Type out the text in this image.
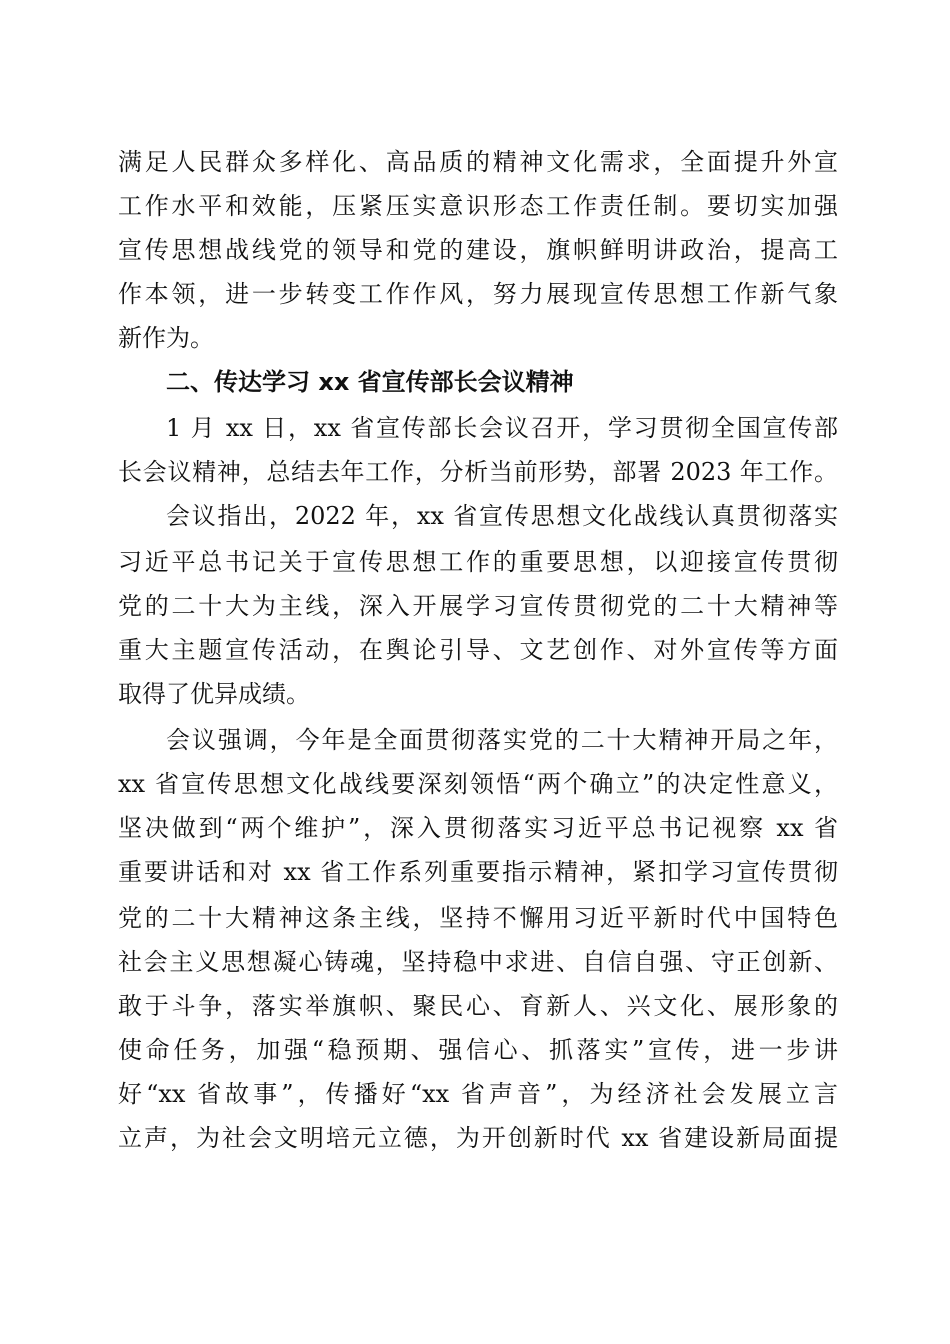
满足人民群众多样化、高品质的精神文化需求，全面提升外宣
工作水平和效能，压紧压实意识形态工作责任制。要切实加强
宣传思想战线党的领导和党的建设，旗帜鲜明讲政治，提高工
作本领，进一步转变工作作风，努力展现宣传思想工作新气象
新作为。
二、传达学习 xx 省宣传部长会议精神
1 月 xx 日，xx 省宣传部长会议召开，学习贯彻全国宣传部
长会议精神，总结去年工作，分析当前形势，部署 2023 年工作。
会议指出，2022 年，xx 省宣传思想文化战线认真贯彻落实
习近平总书记关于宣传思想工作的重要思想，以迎接宣传贯彻
党的二十大为主线，深入开展学习宣传贯彻党的二十大精神等
重大主题宣传活动，在舆论引导、文艺创作、对外宣传等方面
取得了优异成绩。
会议强调，今年是全面贯彻落实党的二十大精神开局之年，
xx 省宣传思想文化战线要深刻领悟“两个确立”的决定性意义，
坚决做到“两个维护”，深入贯彻落实习近平总书记视察 xx 省
重要讲话和对 xx 省工作系列重要指示精神，紧扣学习宣传贯彻
党的二十大精神这条主线，坚持不懈用习近平新时代中国特色
社会主义思想凝心铸魂，坚持稳中求进、自信自强、守正创新、
敢于斗争，落实举旗帜、聚民心、育新人、兴文化、展形象的
使命任务，加强“稳预期、强信心、抓落实”宣传，进一步讲
好“xx 省故事”，传播好“xx 省声音”，为经济社会发展立言
立声，为社会文明培元立德，为开创新时代 xx 省建设新局面提
